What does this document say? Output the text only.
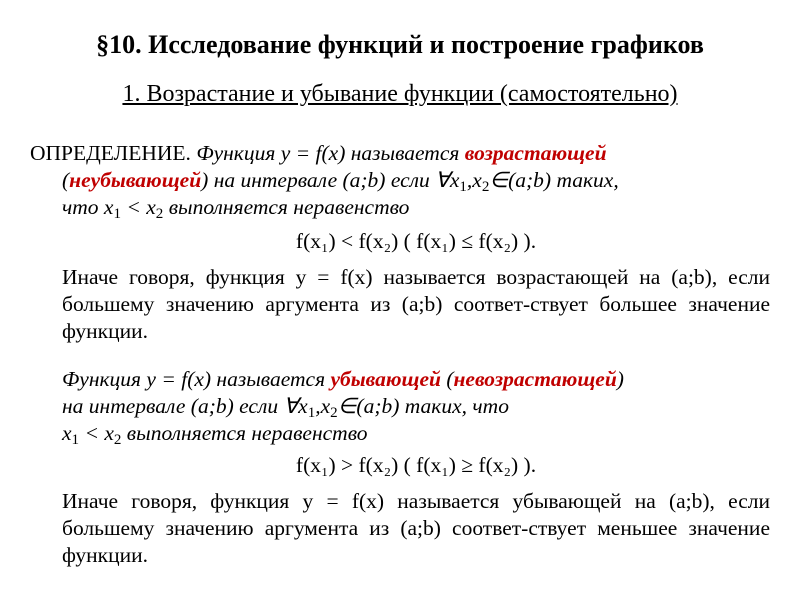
§10. Исследование функций и построение графиков
1. Возрастание и убывание функции (самостоятельно)
ОПРЕДЕЛЕНИЕ. Функция y = f(x) называется возрастающей
(неубывающей) на интервале (a;b) если $\forall x_1,x_2\in(a;b)$ таких,
что $x_1 < x_2$ выполняется неравенство
f(x₁) < f(x₂) ( f(x₁) ≤ f(x₂) ).
Иначе говоря, функция y = f(x) называется возрастающей на (a;b), если большему значению аргумента из (a;b) соответ-ствует большее значение функции.
Функция y = f(x) называется убывающей (невозрастающей)
на интервале (a;b) если $\forall x_1,x_2\in(a;b)$ таких, что
$x_1 < x_2$ выполняется неравенство
f(x₁) > f(x₂) ( f(x₁) ≥ f(x₂) ).
Иначе говоря, функция y = f(x) называется убывающей на (a;b), если большему значению аргумента из (a;b) соответ-ствует меньшее значение функции.
